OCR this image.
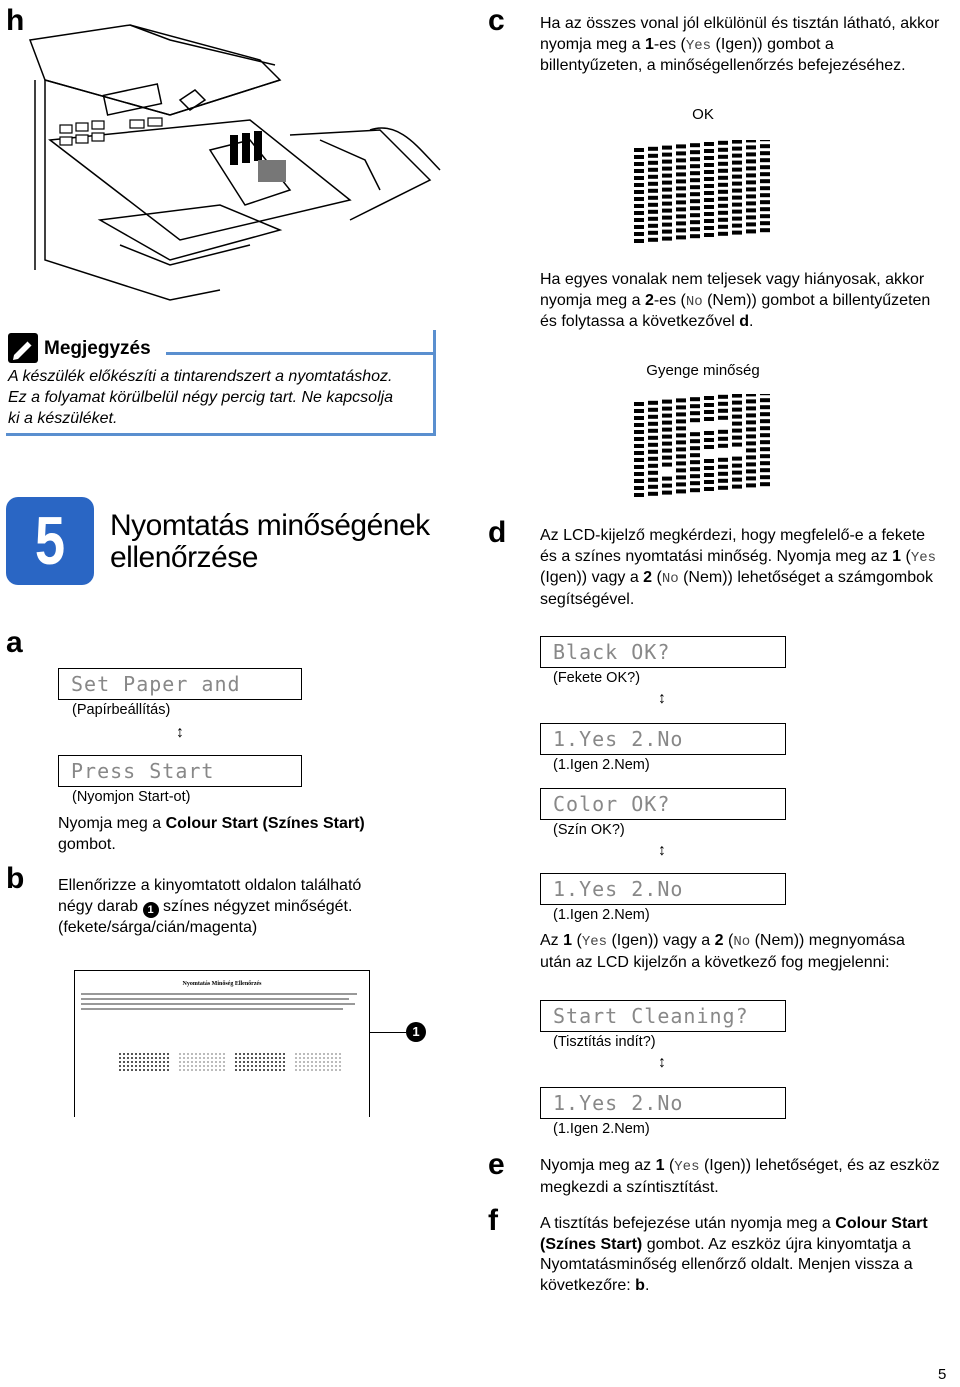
h
Megjegyzés
A készülék előkészíti a tintarendszert a nyomtatáshoz. Ez a folyamat körülbelül négy percig tart. Ne kapcsolja ki a készüléket.
5	Nyomtatás minőségének
ellenőrzése
a
Set Paper and
(Papírbeállítás)
↕
Press Start
(Nyomjon Start-ot)
Nyomja meg a Colour Start (Színes Start)
gombot.
b Ellenőrizze a kinyomtatott oldalon található
négy darab 1 színes négyzet minőségét.
(fekete/sárga/cián/magenta)
Nyomtatás Minőség Ellenőrzés
1
c Ha az összes vonal jól elkülönül és tisztán látható, akkor nyomja meg a 1-es (Yes (Igen)) gombot a billentyűzeten, a minőségellenőrzés befejezéséhez.
OK
Ha egyes vonalak nem teljesek vagy hiányosak, akkor nyomja meg a 2-es (No (Nem)) gombot a billentyűzeten és folytassa a következővel d.
Gyenge minőség
d Az LCD-kijelző megkérdezi, hogy megfelelő-e a fekete és a színes nyomtatási minőség. Nyomja meg az 1 (Yes (Igen)) vagy a 2 (No (Nem)) lehetőséget a számgombok segítségével.
Black OK?
(Fekete OK?)
↕
1.Yes 2.No
(1.Igen 2.Nem)
Color OK?
(Szín OK?)
↕
1.Yes 2.No
(1.Igen 2.Nem)
Az 1 (Yes (Igen)) vagy a 2 (No (Nem)) megnyomása után az LCD kijelzőn a következő fog megjelenni:
Start Cleaning?
(Tisztítás indít?)
↕
1.Yes 2.No
(1.Igen 2.Nem)
e Nyomja meg az 1 (Yes (Igen)) lehetőséget, és az eszköz megkezdi a színtisztítást.
f	A tisztítás befejezése után nyomja meg a Colour Start (Színes Start) gombot. Az eszköz újra kinyomtatja a Nyomtatásminőség ellenőrző oldalt. Menjen vissza a következőre: b.
5
